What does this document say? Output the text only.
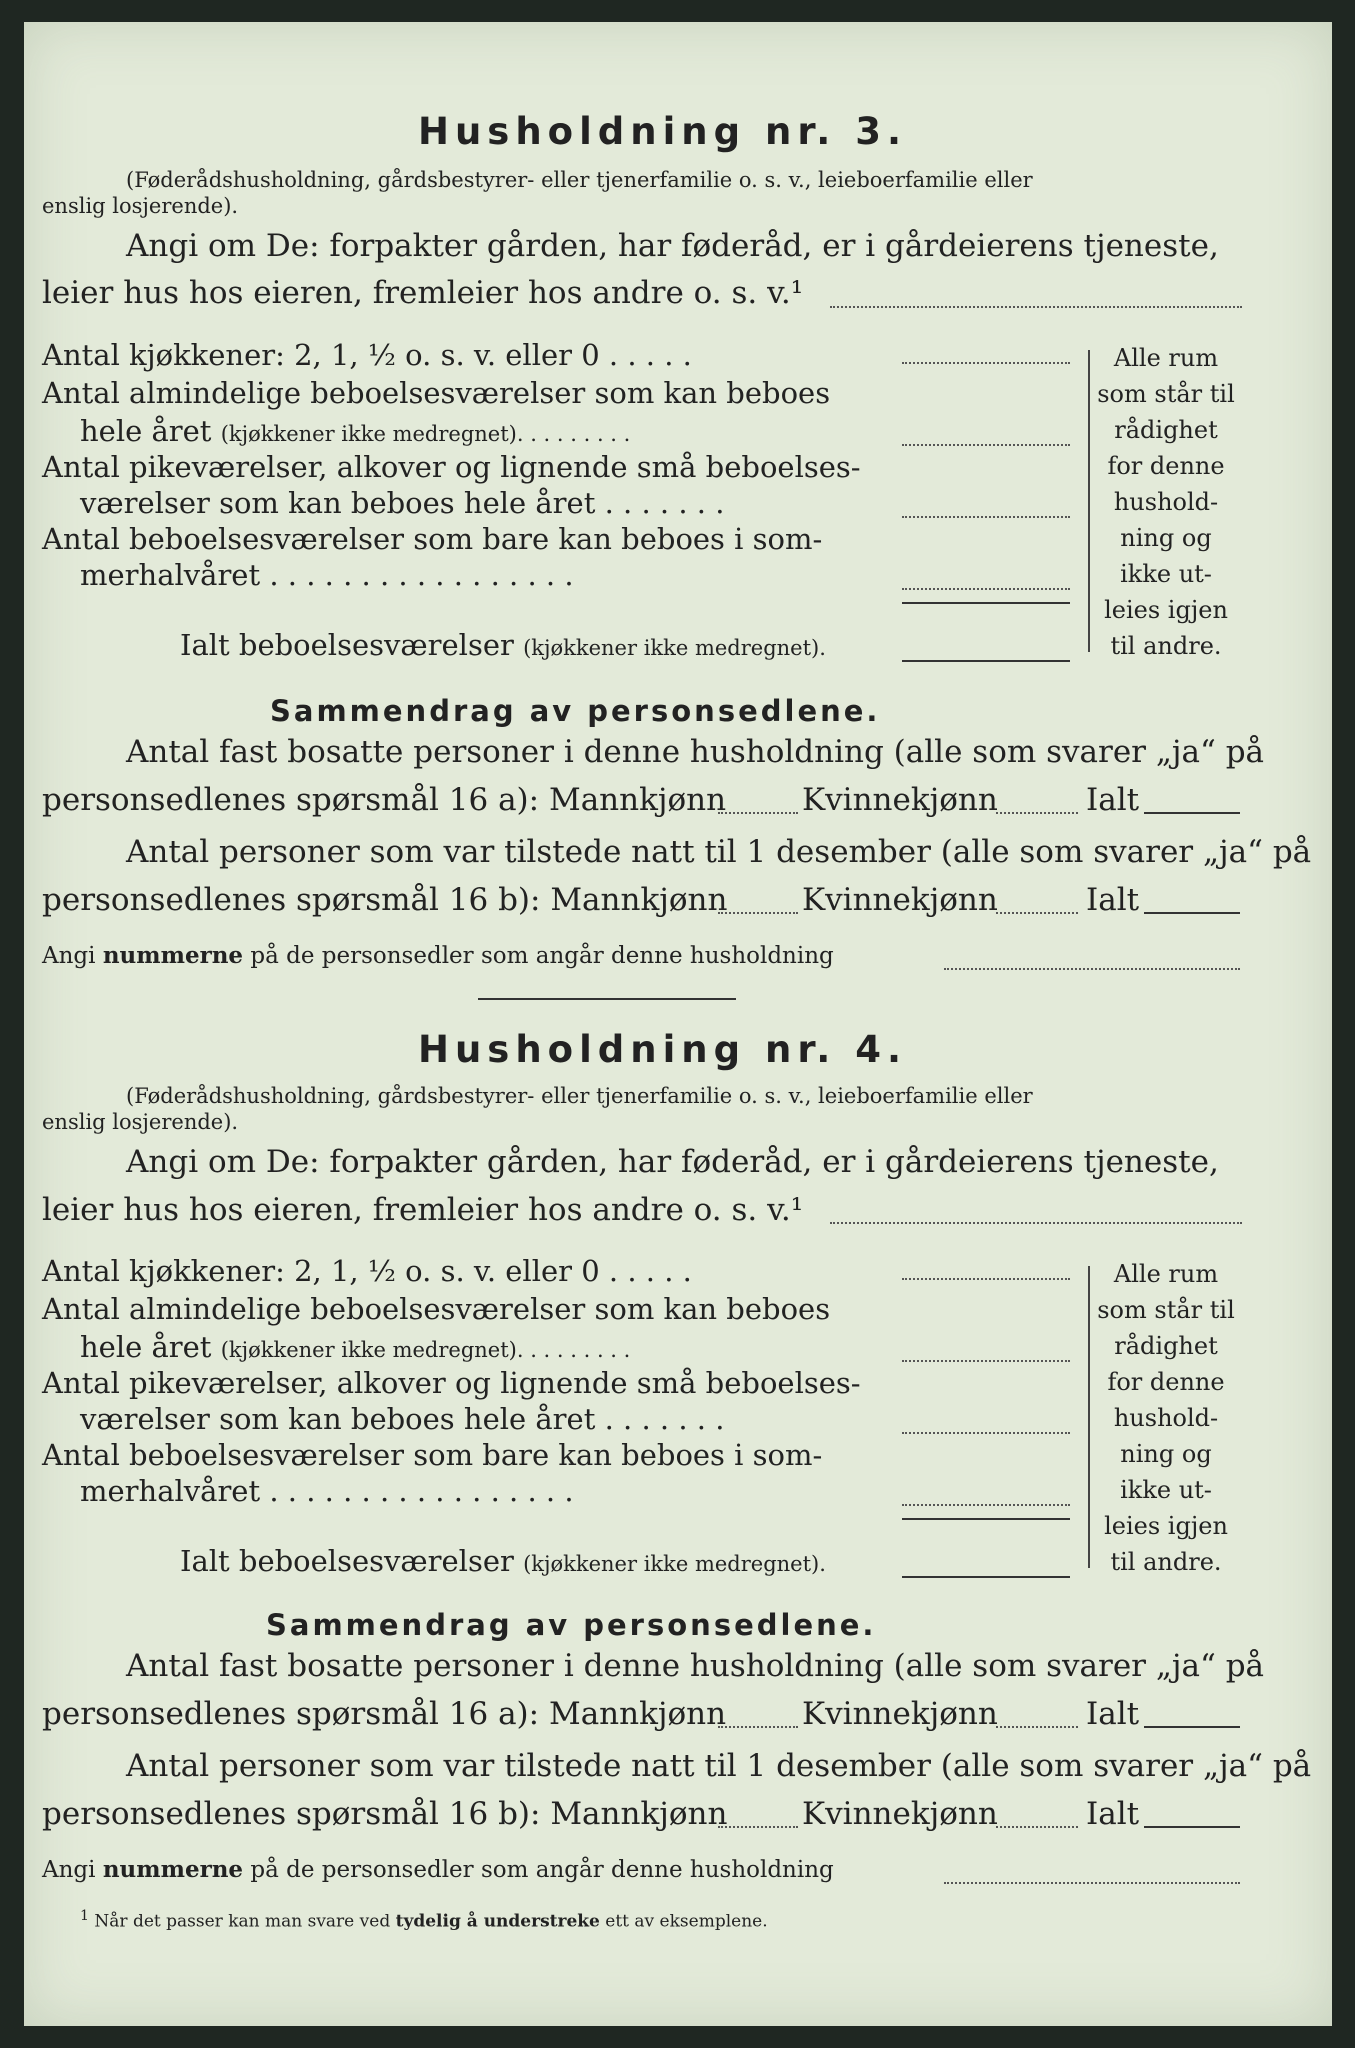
Husholdning nr. 3.
(Føderådshusholdning, gårdsbestyrer- eller tjenerfamilie o. s. v., leieboerfamilie eller
enslig losjerende).
Angi om De: forpakter gården, har føderåd, er i gårdeierens tjeneste,
leier hus hos eieren, fremleier hos andre o. s. v.¹
Antal kjøkkener: 2, 1, ½ o. s. v. eller 0 . . . . .
Antal almindelige beboelsesværelser som kan beboes
hele året (kjøkkener ikke medregnet). . . . . . . . .
Antal pikeværelser, alkover og lignende små beboelses-
værelser som kan beboes hele året . . . . . . .
Antal beboelsesværelser som bare kan beboes i som-
merhalvåret . . . . . . . . . . . . . . . . .
Ialt beboelsesværelser (kjøkkener ikke medregnet).
Alle rum som står til rådighet for denne hushold-ning og ikke ut-leies igjen til andre.
Sammendrag av personsedlene.
Antal fast bosatte personer i denne husholdning (alle som svarer „ja“ på
personsedlenes spørsmål 16 a): Mannkjønn Kvinnekjønn	Ialt
Antal personer som var tilstede natt til 1 desember (alle som svarer „ja“ på
personsedlenes spørsmål 16 b): Mannkjønn Kvinnekjønn	Ialt
Angi nummerne på de personsedler som angår denne husholdning
Husholdning nr. 4.
(Føderådshusholdning, gårdsbestyrer- eller tjenerfamilie o. s. v., leieboerfamilie eller
enslig losjerende).
Angi om De: forpakter gården, har føderåd, er i gårdeierens tjeneste,
leier hus hos eieren, fremleier hos andre o. s. v.¹
Antal kjøkkener: 2, 1, ½ o. s. v. eller 0 . . . . .
Antal almindelige beboelsesværelser som kan beboes
hele året (kjøkkener ikke medregnet). . . . . . . . .
Antal pikeværelser, alkover og lignende små beboelses-
værelser som kan beboes hele året . . . . . . .
Antal beboelsesværelser som bare kan beboes i som-
merhalvåret . . . . . . . . . . . . . . . . .
Ialt beboelsesværelser (kjøkkener ikke medregnet).
Alle rum som står til rådighet for denne hushold-ning og ikke ut-leies igjen til andre.
Sammendrag av personsedlene.
Antal fast bosatte personer i denne husholdning (alle som svarer „ja“ på
personsedlenes spørsmål 16 a): Mannkjønn Kvinnekjønn	Ialt
Antal personer som var tilstede natt til 1 desember (alle som svarer „ja“ på
personsedlenes spørsmål 16 b): Mannkjønn Kvinnekjønn	Ialt
Angi nummerne på de personsedler som angår denne husholdning
$^1$ Når det passer kan man svare ved tydelig å understreke ett av eksemplene.
